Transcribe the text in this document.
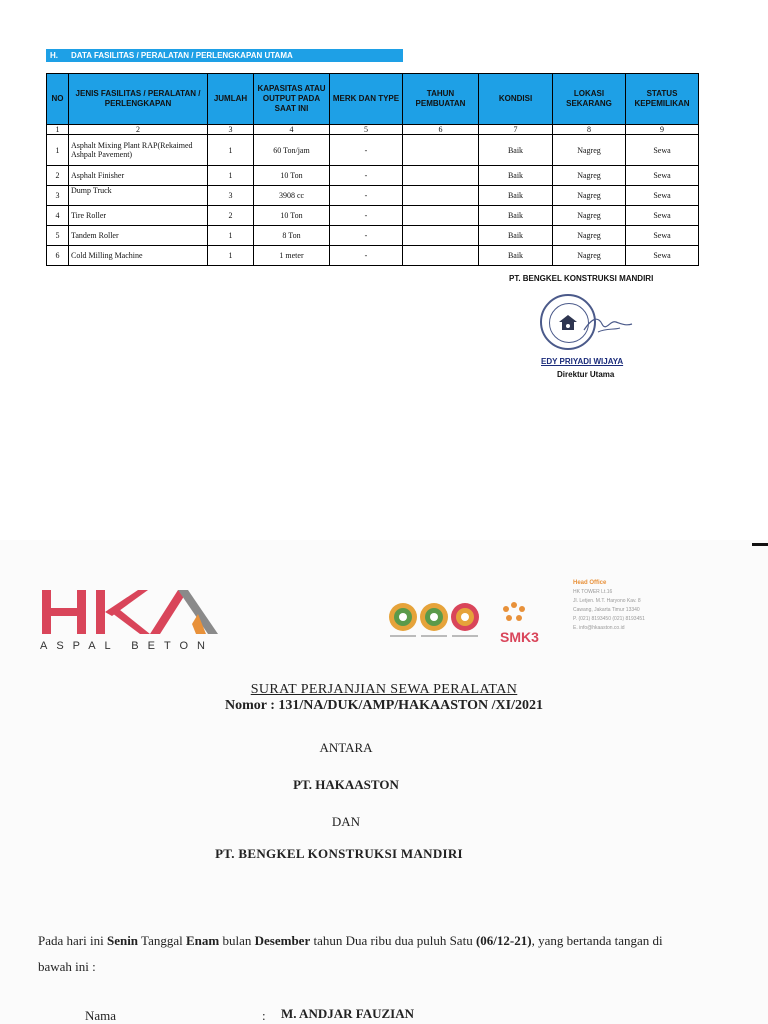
H. DATA FASILITAS / PERALATAN / PERLENGKAPAN UTAMA
NO	JENIS FASILITAS / PERALATAN / PERLENGKAPAN	JUMLAH	KAPASITAS ATAU OUTPUT PADA SAAT INI	MERK DAN TYPE	TAHUN PEMBUATAN	KONDISI	LOKASI SEKARANG	STATUS KEPEMILIKAN
1	2	3	4	5	6	7	8	9
1	Asphalt Mixing Plant RAP(Rekaimed Ashpalt Pavement)	1	60 Ton/jam	-		Baik	Nagreg	Sewa
2	Asphalt Finisher	1	10 Ton	-		Baik	Nagreg	Sewa
3	Dump Truck	3	3908 cc	-		Baik	Nagreg	Sewa
4	Tire Roller	2	10 Ton	-		Baik	Nagreg	Sewa
5	Tandem Roller	1	8 Ton	-		Baik	Nagreg	Sewa
6	Cold Milling Machine	1	1 meter	-		Baik	Nagreg	Sewa
PT. BENGKEL KONSTRUKSI MANDIRI
EDY PRIYADI WIJAYA
Direktur Utama
ASPAL BETON
SMK3
Head Office
HK TOWER Lt.16
Jl. Letjen. M.T. Haryono Kav. 8
Cawang, Jakarta Timur 13340
P. (021) 8193450 (021) 8193451
E. info@hkaaston.co.id
SURAT PERJANJIAN SEWA PERALATAN
Nomor : 131/NA/DUK/AMP/HAKAASTON /XI/2021
ANTARA
PT. HAKAASTON
DAN
PT. BENGKEL KONSTRUKSI MANDIRI
Pada hari ini Senin Tanggal Enam bulan Desember tahun Dua ribu dua puluh Satu (06/12-21), yang bertanda tangan di bawah ini :
Nama	: M. ANDJAR FAUZIAN
